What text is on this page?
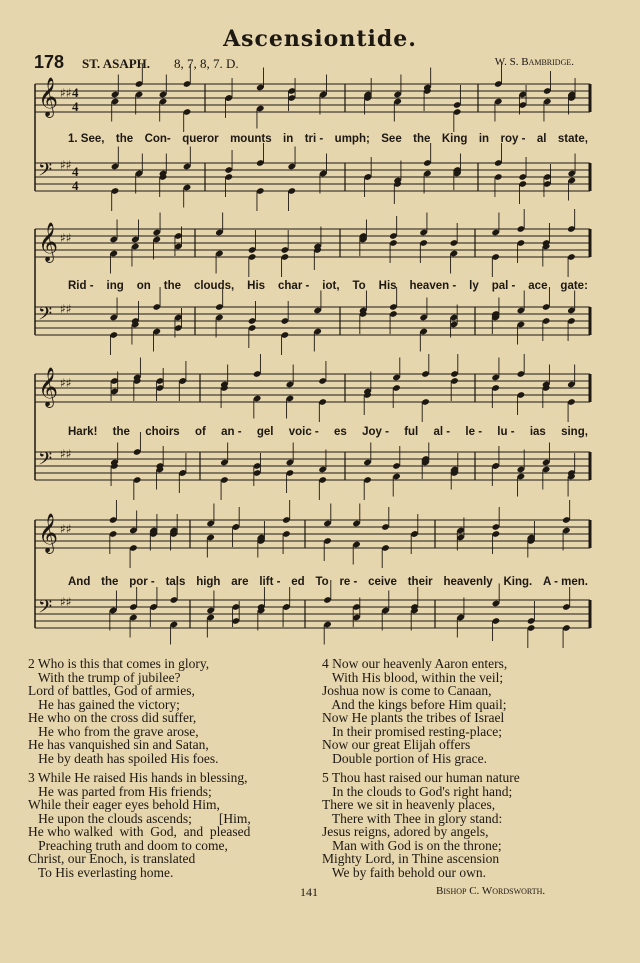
Ascensiontide.
178 ST. ASAPH. 8, 7, 8, 7. D.	W. S. Bambridge.
𝄞 ♯♯ 4
4
𝄢 ♯♯ 4
4
𝄞 ♯♯
𝄢 ♯♯
𝄞 ♯♯
𝄢 ♯♯
𝄞 ♯♯
𝄢 ♯♯
1. See, the Con- queror mounts in tri - umph; See the King in roy - al state,
Rid - ing on the clouds, His char - iot, To His heaven - ly pal - ace gate:
Hark! the choirs of an - gel voic - es Joy - ful al - le - lu - ias sing,
And the por - tals high are lift - ed To re - ceive their heavenly King. A - men.
2 Who is this that comes in glory,
With the trump of jubilee?
Lord of battles, God of armies,
He has gained the victory;
He who on the cross did suffer,
He who from the grave arose,
He has vanquished sin and Satan,
He by death has spoiled His foes.
3 While He raised His hands in blessing,
He was parted from His friends;
While their eager eyes behold Him,
He upon the clouds ascends;        [Him,
He who walked  with  God,  and  pleased
Preaching truth and doom to come,
Christ, our Enoch, is translated
To His everlasting home.
4 Now our heavenly Aaron enters,
With His blood, within the veil;
Joshua now is come to Canaan,
And the kings before Him quail;
Now He plants the tribes of Israel
In their promised resting-place;
Now our great Elijah offers
Double portion of His grace.
5 Thou hast raised our human nature
In the clouds to God's right hand;
There we sit in heavenly places,
There with Thee in glory stand:
Jesus reigns, adored by angels,
Man with God is on the throne;
Mighty Lord, in Thine ascension
We by faith behold our own.
141	Bishop C. Wordsworth.
